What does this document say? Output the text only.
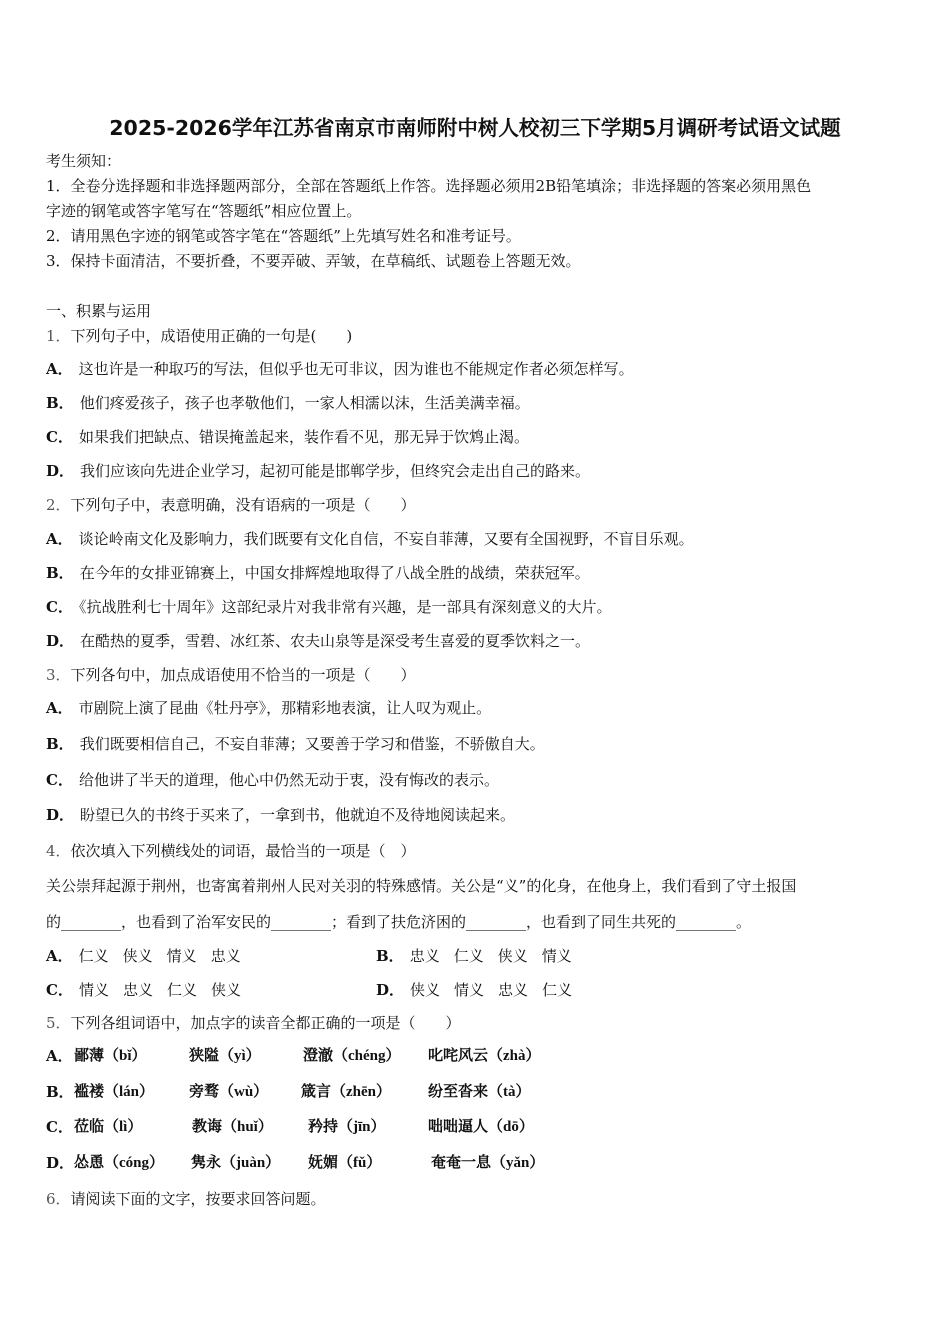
2025-2026学年江苏省南京市南师附中树人校初三下学期5月调研考试语文试题
考生须知：
1．全卷分选择题和非选择题两部分，全部在答题纸上作答。选择题必须用2B铅笔填涂；非选择题的答案必须用黑色
字迹的钢笔或答字笔写在“答题纸”相应位置上。
2．请用黑色字迹的钢笔或答字笔在“答题纸”上先填写姓名和准考证号。
3．保持卡面清洁，不要折叠，不要弄破、弄皱，在草稿纸、试题卷上答题无效。
一、积累与运用
1．下列句子中，成语使用正确的一句是(　　)
A． 这也许是一种取巧的写法，但似乎也无可非议，因为谁也不能规定作者必须怎样写。
B． 他们疼爱孩子，孩子也孝敬他们，一家人相濡以沫，生活美满幸福。
C． 如果我们把缺点、错误掩盖起来，装作看不见，那无异于饮鸩止渴。
D． 我们应该向先进企业学习，起初可能是邯郸学步，但终究会走出自己的路来。
2．下列句子中，表意明确，没有语病的一项是（　　）
A． 谈论岭南文化及影响力，我们既要有文化自信，不妄自菲薄，又要有全国视野，不盲目乐观。
B． 在今年的女排亚锦赛上，中国女排辉煌地取得了八战全胜的战绩，荣获冠军。
C． 《抗战胜利七十周年》这部纪录片对我非常有兴趣，是一部具有深刻意义的大片。
D． 在酷热的夏季，雪碧、冰红茶、农夫山泉等是深受考生喜爱的夏季饮料之一。
3．下列各句中，加点成语使用不恰当的一项是（　　）
A． 市剧院上演了昆曲《牡丹亭》，那精彩地表演，让人叹为观止。
B． 我们既要相信自己，不妄自菲薄；又要善于学习和借鉴，不骄傲自大。
C． 给他讲了半天的道理，他心中仍然无动于衷，没有悔改的表示。
D． 盼望已久的书终于买来了，一拿到书，他就迫不及待地阅读起来。
4．依次填入下列横线处的词语，最恰当的一项是（　）
关公崇拜起源于荆州，也寄寓着荆州人民对关羽的特殊感情。关公是“义”的化身，在他身上，我们看到了守土报国
的________，也看到了治军安民的________；看到了扶危济困的________，也看到了同生共死的________。
A． 仁义 侠义 情义 忠义	B． 忠义 仁义 侠义 情义
C． 情义 忠义 仁义 侠义	D． 侠义 情义 忠义 仁义
5．下列各组词语中，加点字的读音全都正确的一项是（　　）
A． 鄙薄（bǐ）	狭隘（yì）	澄澈（chéng） 叱咤风云（zhà）
B． 褴褛（lán） 旁骛（wù） 箴言（zhēn） 纷至沓来（tà）
C． 莅临（lì）	教诲（huǐ） 矜持（jīn）	咄咄逼人（dō）
D． 怂恿（cóng） 隽永（juàn） 妩媚（fǔ）	奄奄一息（yǎn）
6．请阅读下面的文字，按要求回答问题。
